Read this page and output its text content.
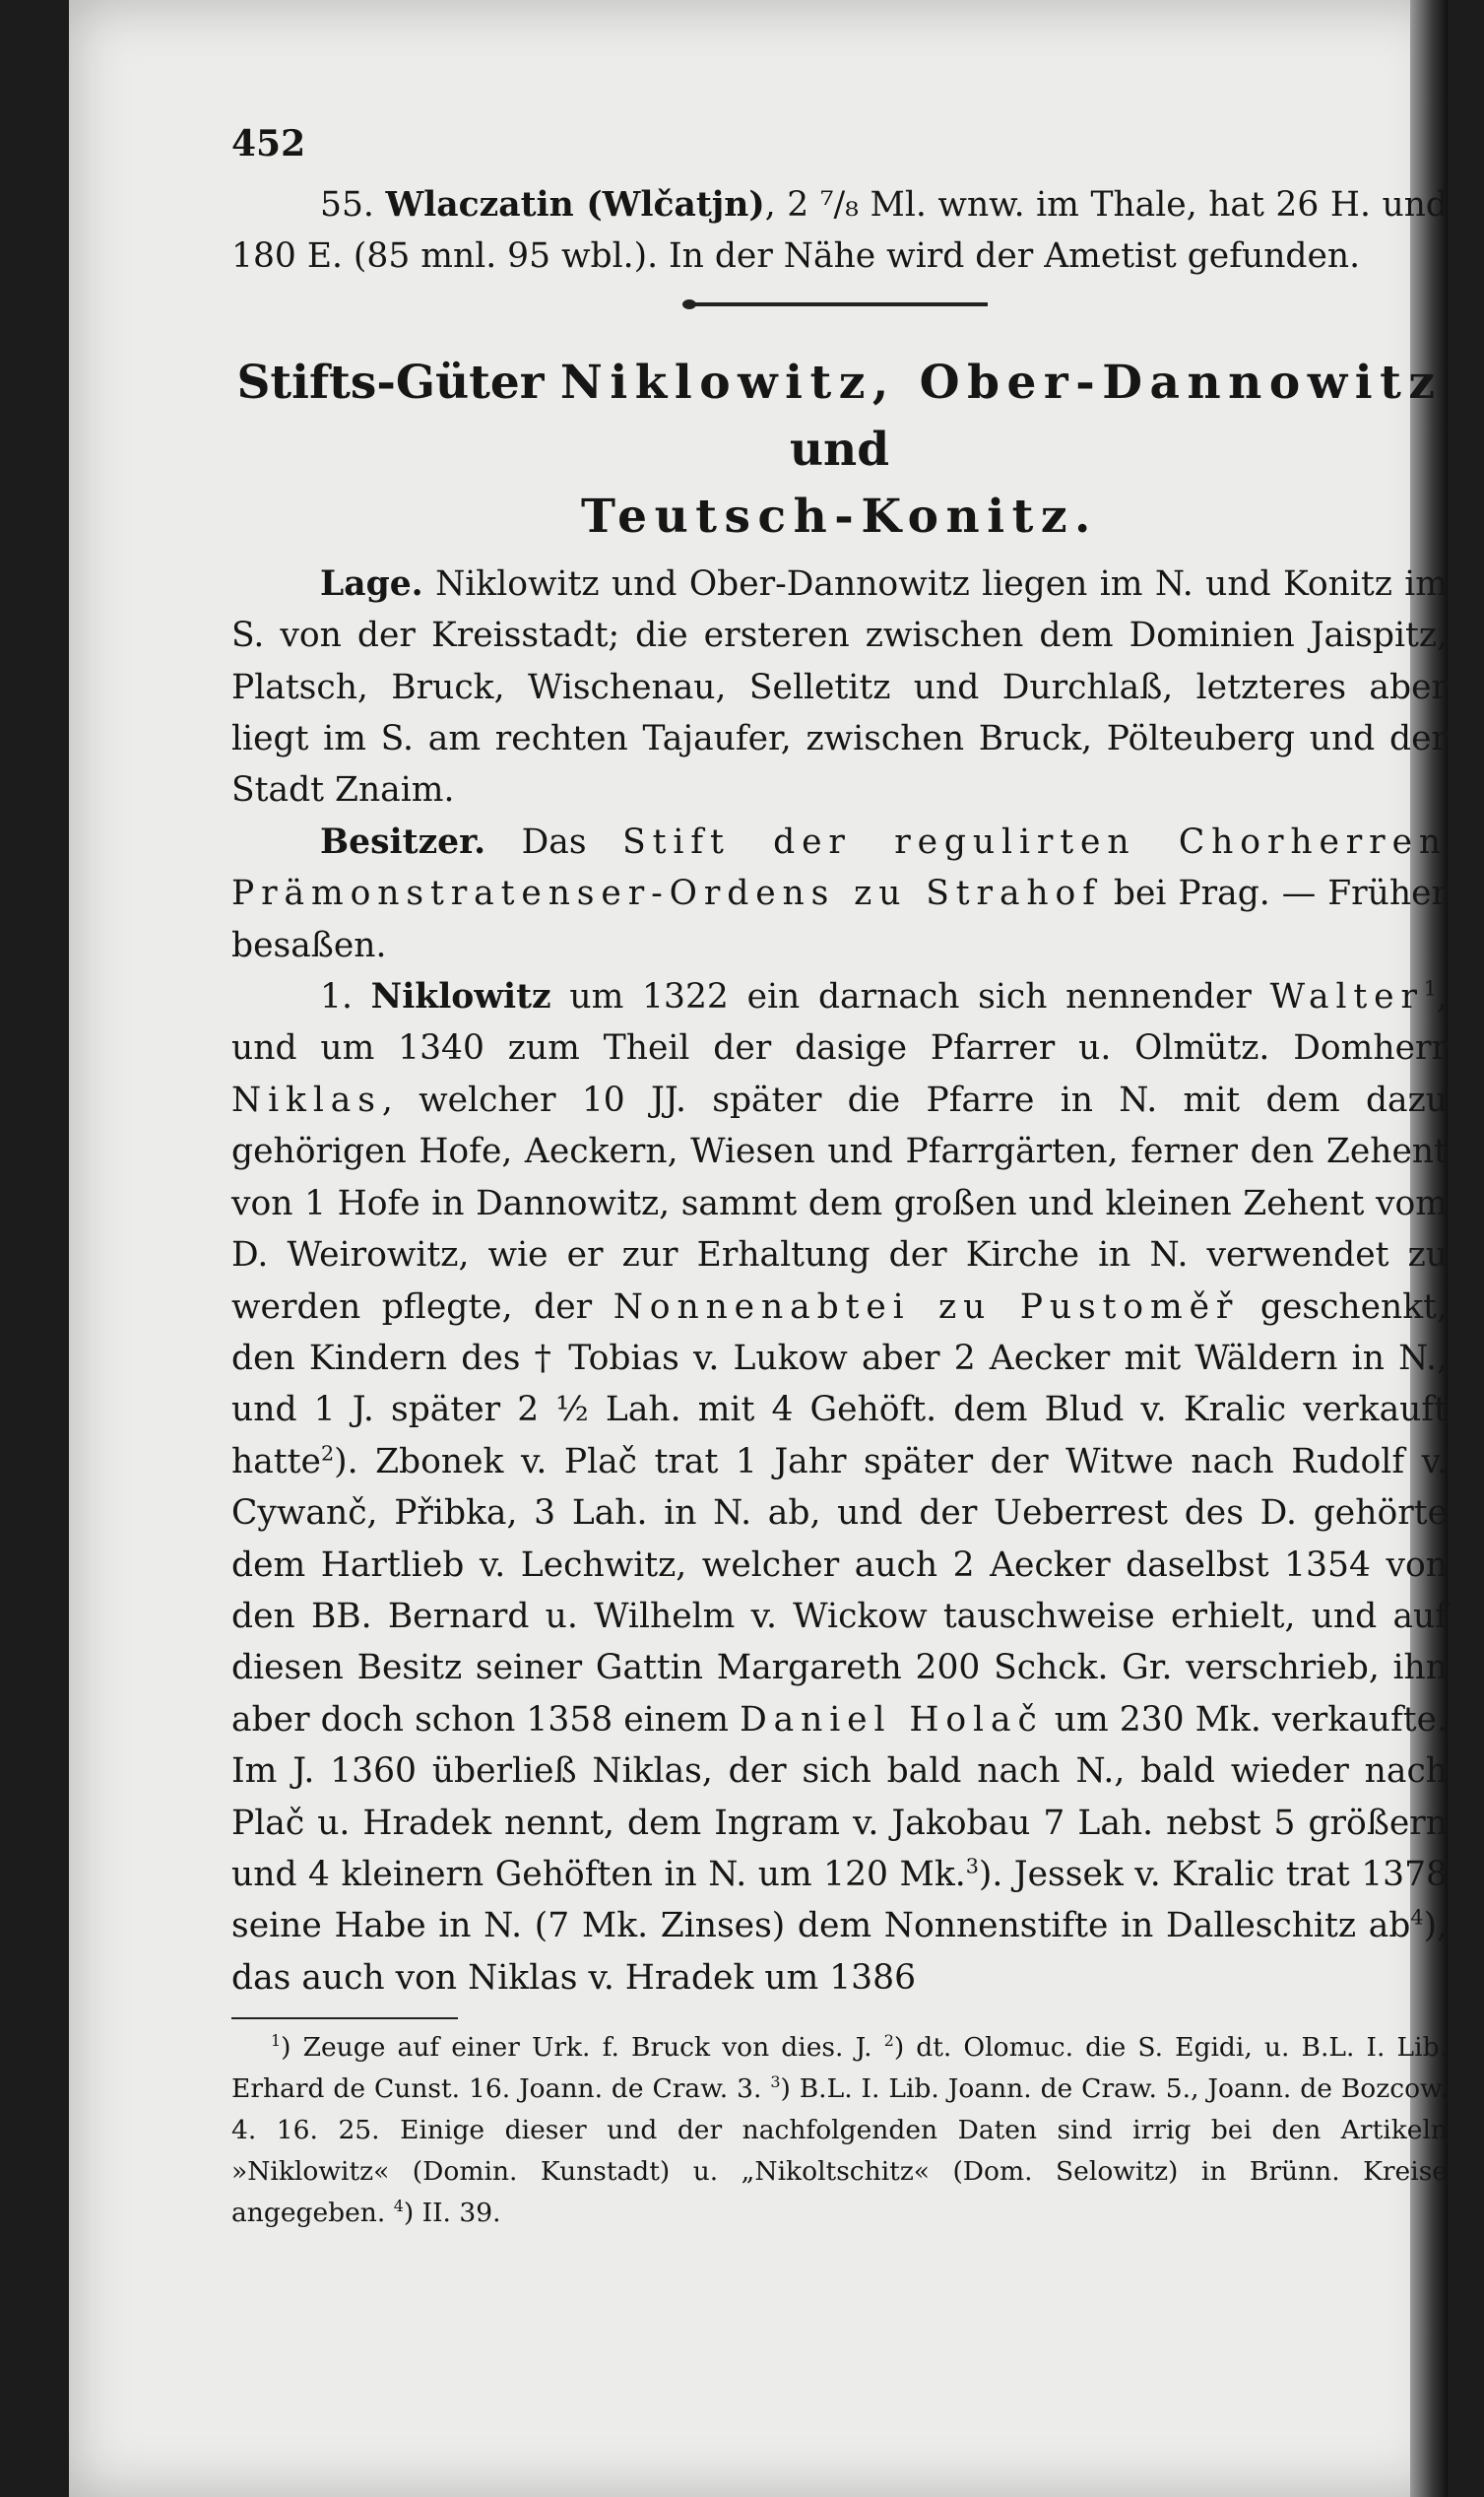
452

55. Wlaczatin (Wlčatjn), 2 ⁷/₈ Ml. wnw. im Thale, hat 26 H. und 180 E. (85 mnl. 95 wbl.). In der Nähe wird der Ametist gefunden.

Stifts-Güter Niklowitz, Ober-Dannowitz und
Teutsch-Konitz.

Lage. Niklowitz und Ober-Dannowitz liegen im N. und Konitz im S. von der Kreisstadt; die ersteren zwischen dem Dominien Jaispitz, Platsch, Bruck, Wischenau, Selletitz und Durchlaß, letzteres aber liegt im S. am rechten Tajaufer, zwischen Bruck, Pölteuberg und der Stadt Znaim.

Besitzer. Das Stift der regulirten Chorherren Prämonstratenser-Ordens zu Strahof bei Prag. — Früher besaßen.

1. Niklowitz um 1322 ein darnach sich nennender Walter$^1$, und um 1340 zum Theil der dasige Pfarrer u. Olmütz. Domherr Niklas, welcher 10 JJ. später die Pfarre in N. mit dem dazu gehörigen Hofe, Aeckern, Wiesen und Pfarrgärten, ferner den Zehent von 1 Hofe in Dannowitz, sammt dem großen und kleinen Zehent vom D. Weirowitz, wie er zur Erhaltung der Kirche in N. verwendet zu werden pflegte, der Nonnenabtei zu Pustoměř geschenkt, den Kindern des † Tobias v. Lukow aber 2 Aecker mit Wäldern in N., und 1 J. später 2 ½ Lah. mit 4 Gehöft. dem Blud v. Kralic verkauft hatte$^2$). Zbonek v. Plač trat 1 Jahr später der Witwe nach Rudolf v. Cywanč, Přibka, 3 Lah. in N. ab, und der Ueberrest des D. gehörte dem Hartlieb v. Lechwitz, welcher auch 2 Aecker daselbst 1354 von den BB. Bernard u. Wilhelm v. Wickow tauschweise erhielt, und auf diesen Besitz seiner Gattin Margareth 200 Schck. Gr. verschrieb, ihn aber doch schon 1358 einem Daniel Holač um 230 Mk. verkaufte. Im J. 1360 überließ Niklas, der sich bald nach N., bald wieder nach Plač u. Hradek nennt, dem Ingram v. Jakobau 7 Lah. nebst 5 größern und 4 kleinern Gehöften in N. um 120 Mk.$^3$). Jessek v. Kralic trat 1378 seine Habe in N. (7 Mk. Zinses) dem Nonnenstifte in Dalleschitz $ab^4$), das auch von Niklas v. Hradek um 1386

$^1$) Zeuge auf einer Urk. f. Bruck von dies. J. $^2$) dt. Olomuc. die S. Egidi, u. B.L. I. Lib. Erhard de Cunst. 16. Joann. de Craw. 3. $^3$) B.L. I. Lib. Joann. de Craw. 5., Joann. de Bozcow. 4. 16. 25. Einige dieser und der nachfolgenden Daten sind irrig bei den Artikeln »Niklowitz« (Domin. Kunstadt) u. „Nikoltschitz« (Dom. Selowitz) in Brünn. Kreise angegeben. $^4$) II. 39.
